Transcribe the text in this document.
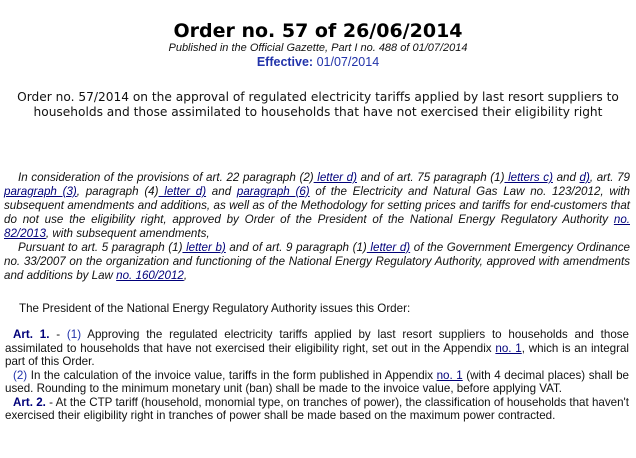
Order no. 57 of 26/06/2014
Published in the Official Gazette, Part I no. 488 of 01/07/2014
Effective: 01/07/2014
Order no. 57/2014 on the approval of regulated electricity tariffs applied by last resort suppliers to households and those assimilated to households that have not exercised their eligibility right

In consideration of the provisions of art. 22 paragraph (2) letter d) and of art. 75 paragraph (1) letters c) and d), art. 79 paragraph (3), paragraph (4) letter d) and paragraph (6) of the Electricity and Natural Gas Law no. 123/2012, with subsequent amendments and additions, as well as of the Methodology for setting prices and tariffs for end-customers that do not use the eligibility right, approved by Order of the President of the National Energy Regulatory Authority no. 82/2013, with subsequent amendments,

Pursuant to art. 5 paragraph (1) letter b) and of art. 9 paragraph (1) letter d) of the Government Emergency Ordinance no. 33/2007 on the organization and functioning of the National Energy Regulatory Authority, approved with amendments and additions by Law no. 160/2012,

The President of the National Energy Regulatory Authority issues this Order:

Art. 1. - (1) Approving the regulated electricity tariffs applied by last resort suppliers to households and those assimilated to households that have not exercised their eligibility right, set out in the Appendix no. 1, which is an integral part of this Order.

(2) In the calculation of the invoice value, tariffs in the form published in Appendix no. 1 (with 4 decimal places) shall be used. Rounding to the minimum monetary unit (ban) shall be made to the invoice value, before applying VAT.

Art. 2. - At the CTP tariff (household, monomial type, on tranches of power), the classification of households that haven't exercised their eligibility right in tranches of power shall be made based on the maximum power contracted.
